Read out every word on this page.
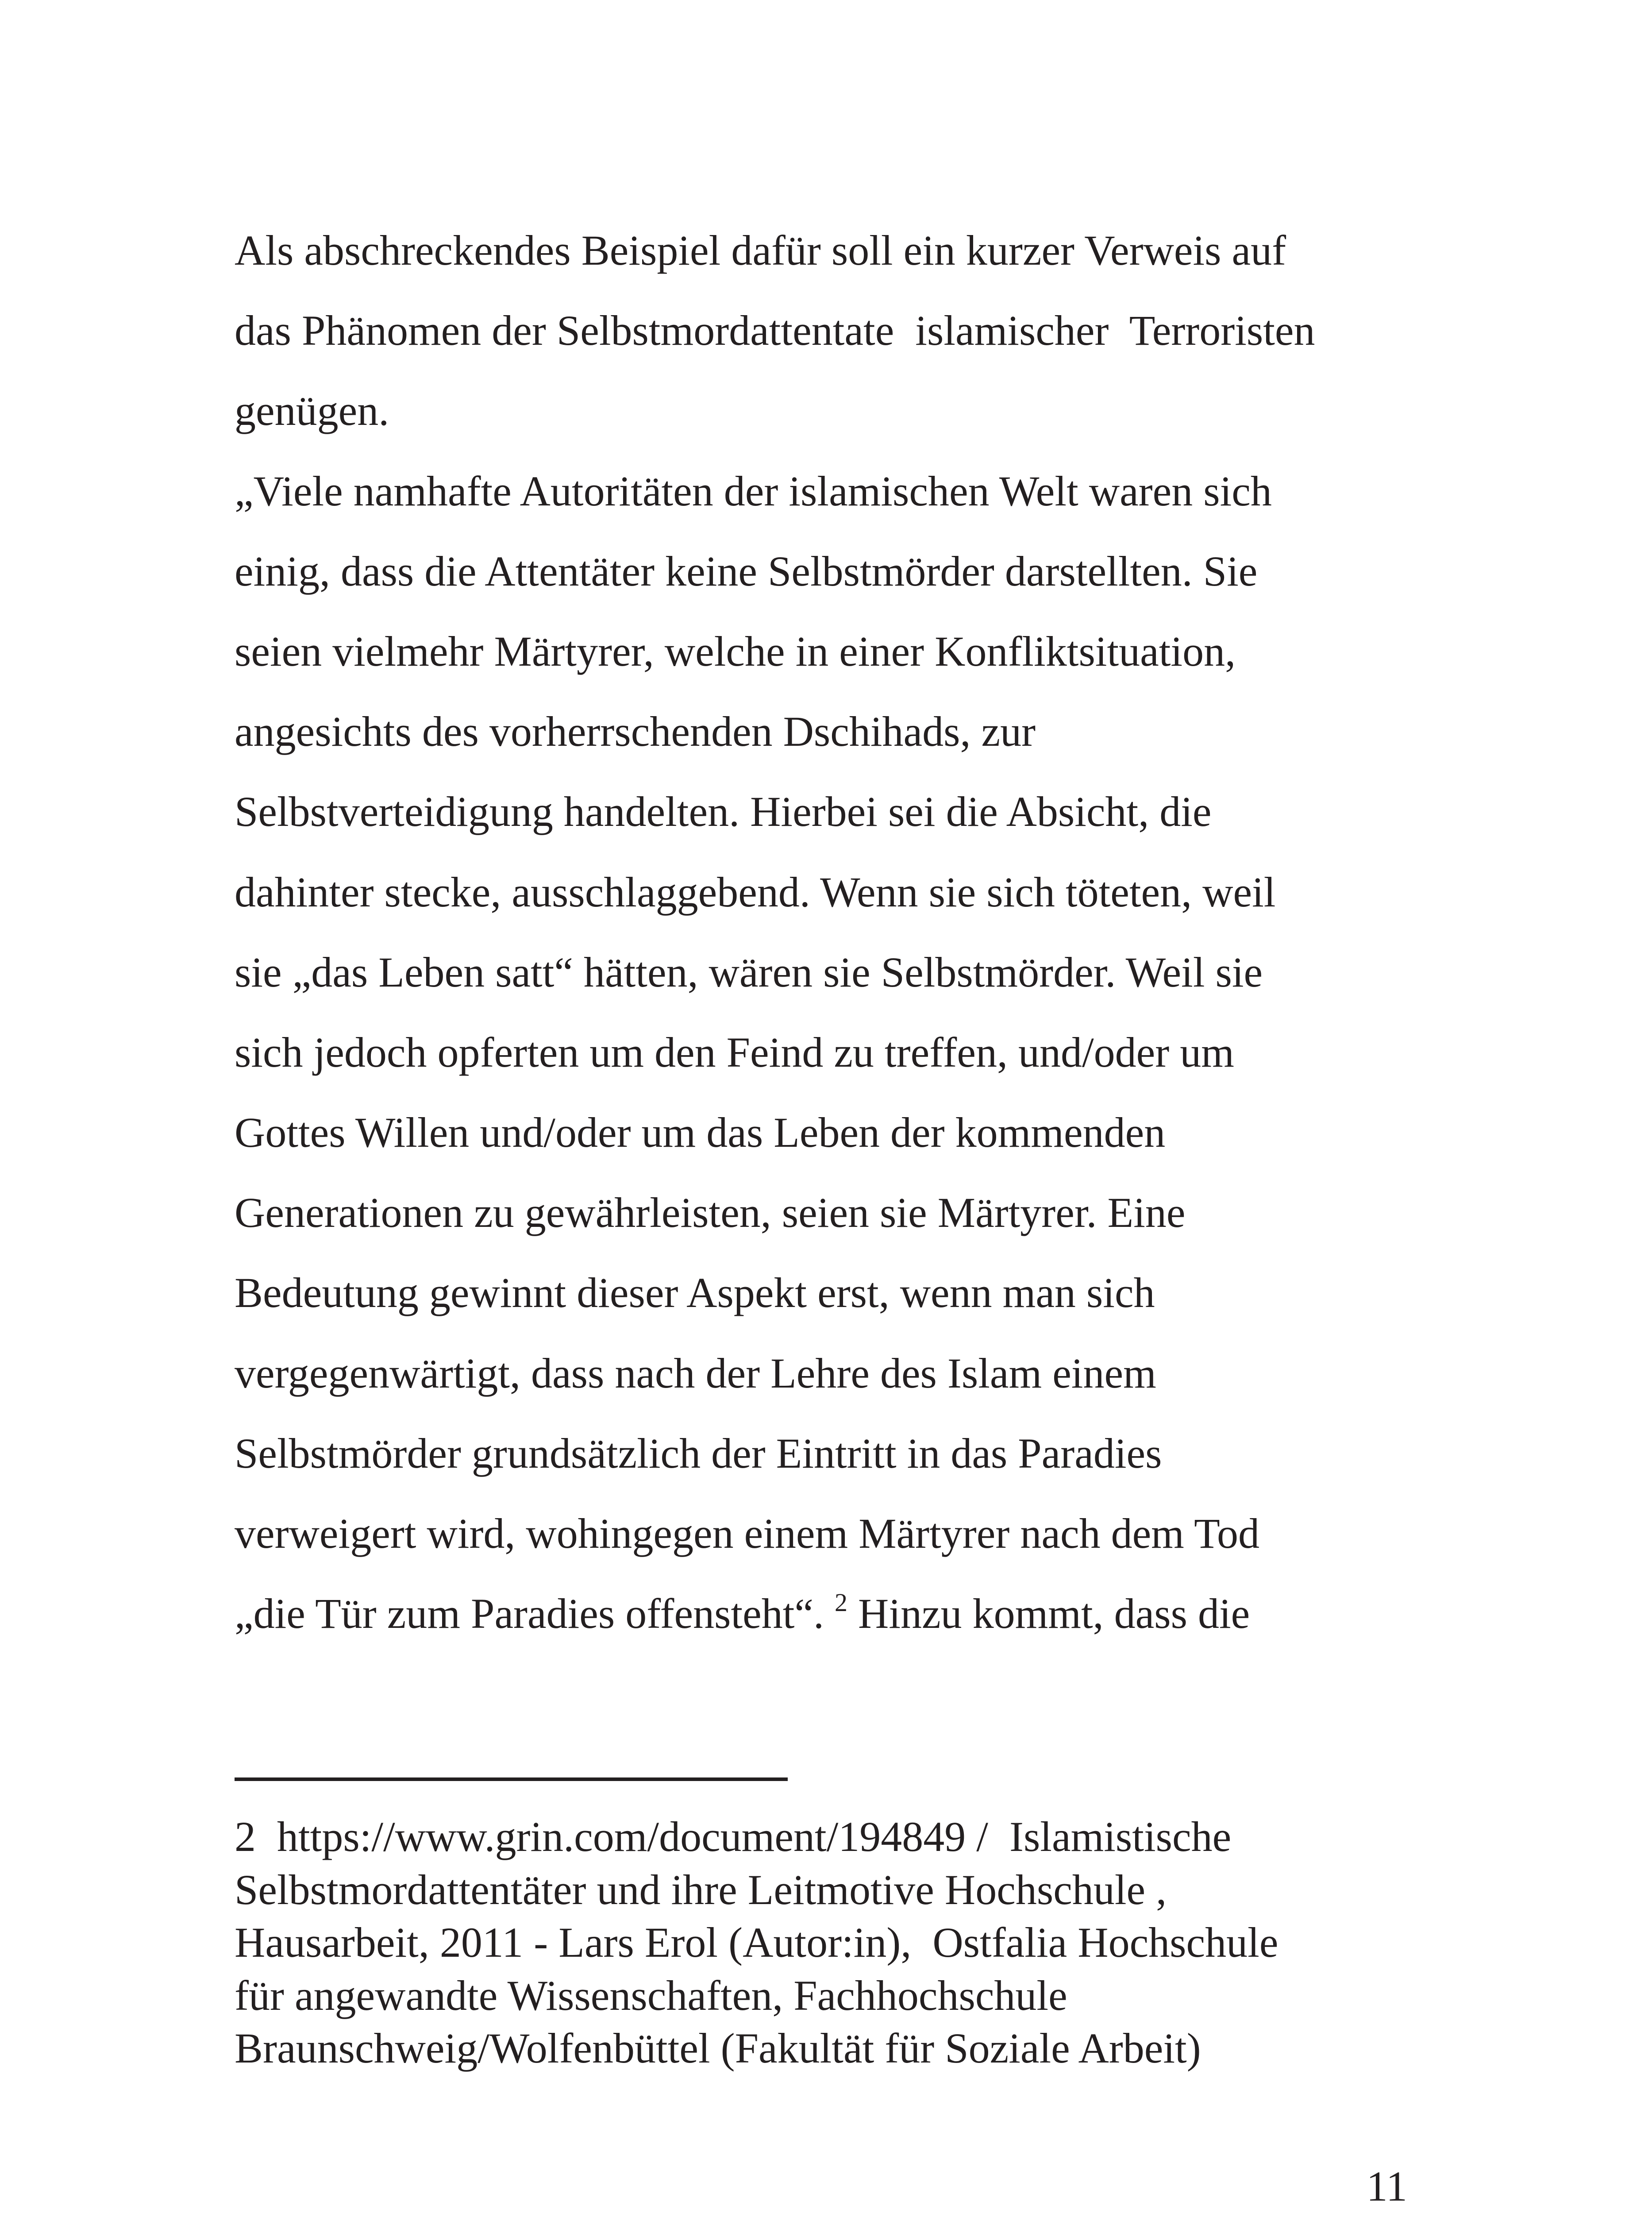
Als abschreckendes Beispiel dafür soll ein kurzer Verweis auf
das Phänomen der Selbstmordattentate  islamischer  Terroristen
genügen.
„Viele namhafte Autoritäten der islamischen Welt waren sich
einig, dass die Attentäter keine Selbstmörder darstellten. Sie
seien vielmehr Märtyrer, welche in einer Konfliktsituation,
angesichts des vorherrschenden Dschihads, zur
Selbstverteidigung handelten. Hierbei sei die Absicht, die
dahinter stecke, ausschlaggebend. Wenn sie sich töteten, weil
sie „das Leben satt“ hätten, wären sie Selbstmörder. Weil sie
sich jedoch opferten um den Feind zu treffen, und/oder um
Gottes Willen und/oder um das Leben der kommenden
Generationen zu gewährleisten, seien sie Märtyrer. Eine
Bedeutung gewinnt dieser Aspekt erst, wenn man sich
vergegenwärtigt, dass nach der Lehre des Islam einem
Selbstmörder grundsätzlich der Eintritt in das Paradies
verweigert wird, wohingegen einem Märtyrer nach dem Tod
„die Tür zum Paradies offensteht“. $^2$ Hinzu kommt, dass die
2  https://www.grin.com/document/194849 /  Islamistische
Selbstmordattentäter und ihre Leitmotive Hochschule ,
Hausarbeit, 2011 - Lars Erol (Autor:in),  Ostfalia Hochschule
für angewandte Wissenschaften, Fachhochschule
Braunschweig/Wolfenbüttel (Fakultät für Soziale Arbeit)
11
